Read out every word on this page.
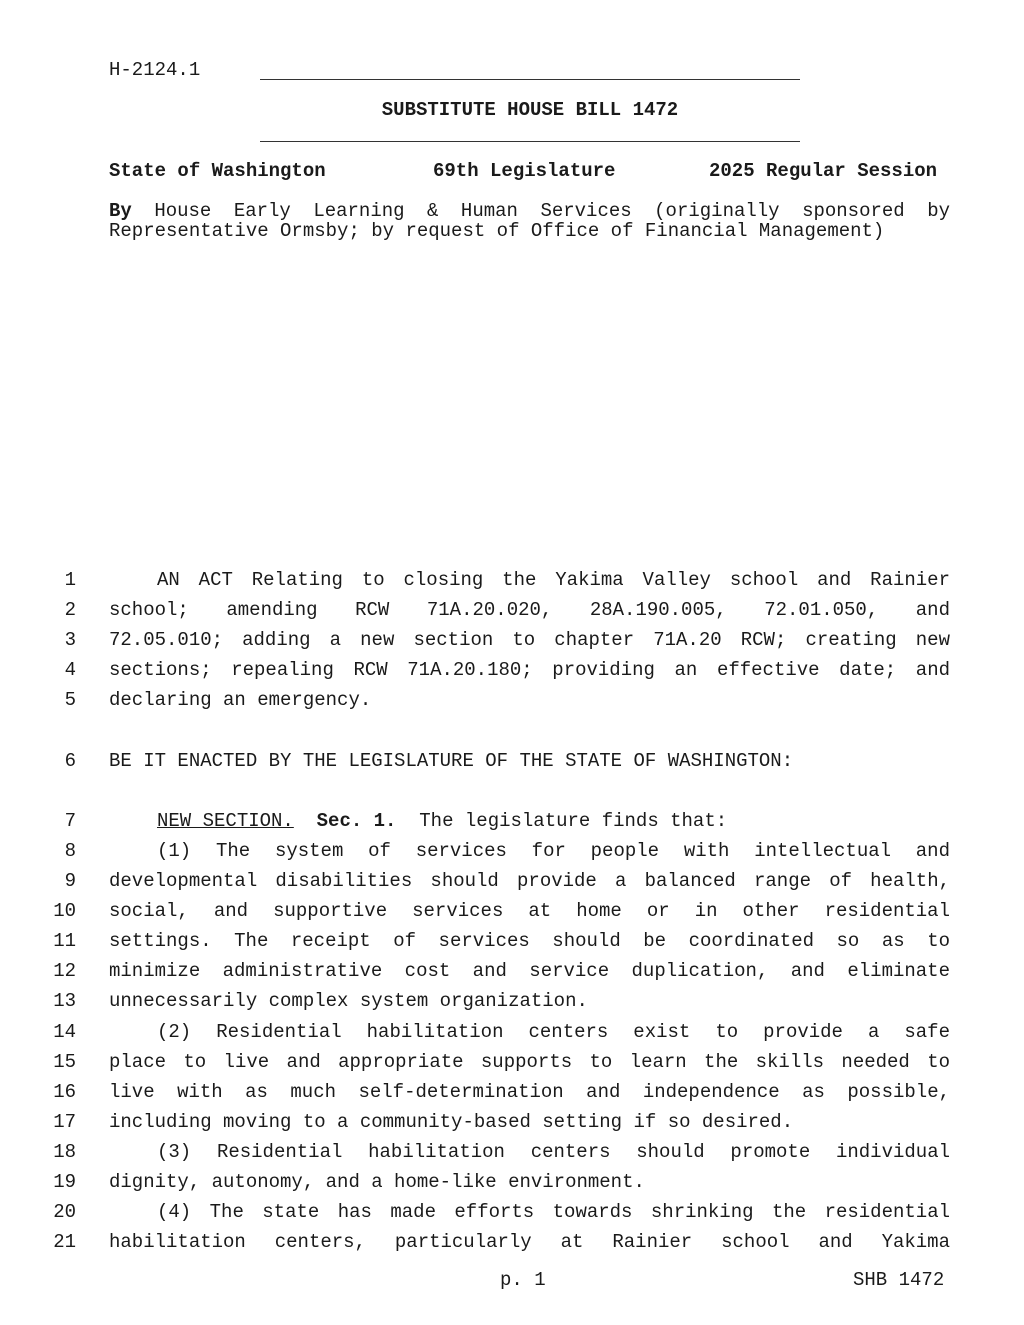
H-2124.1
SUBSTITUTE HOUSE BILL 1472
State of Washington	69th Legislature	2025 Regular Session
By House Early Learning & Human Services (originally sponsored by
Representative Ormsby; by request of Office of Financial Management)
1	AN ACT Relating to closing the Yakima Valley school and Rainier
2 school; amending RCW 71A.20.020, 28A.190.005, 72.01.050, and
3 72.05.010; adding a new section to chapter 71A.20 RCW; creating new
4 sections; repealing RCW 71A.20.180; providing an effective date; and
5 declaring an emergency.
6 BE IT ENACTED BY THE LEGISLATURE OF THE STATE OF WASHINGTON:
7	NEW SECTION. Sec. 1. The legislature finds that:
8	(1) The system of services for people with intellectual and
9 developmental disabilities should provide a balanced range of health,
10 social, and supportive services at home or in other residential
11 settings. The receipt of services should be coordinated so as to
12 minimize administrative cost and service duplication, and eliminate
13 unnecessarily complex system organization.
14	(2) Residential habilitation centers exist to provide a safe
15 place to live and appropriate supports to learn the skills needed to
16 live with as much self-determination and independence as possible,
17 including moving to a community-based setting if so desired.
18	(3) Residential habilitation centers should promote individual
19 dignity, autonomy, and a home-like environment.
20	(4) The state has made efforts towards shrinking the residential
21 habilitation centers, particularly at Rainier school and Yakima
p. 1	SHB 1472
